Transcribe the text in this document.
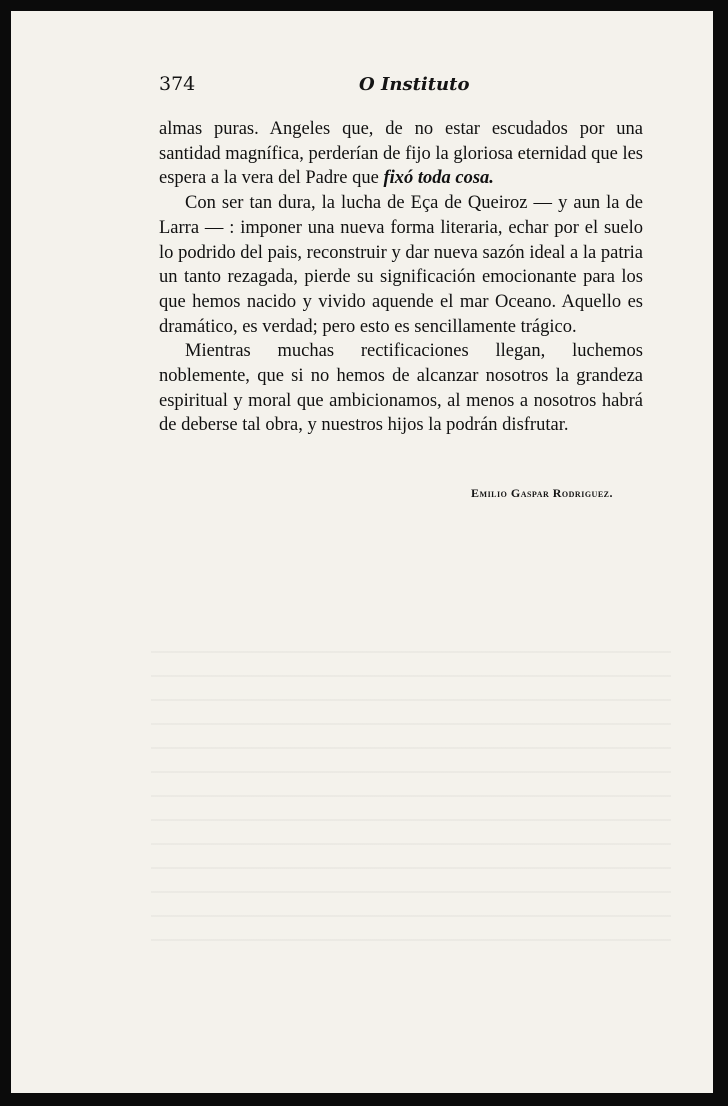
374	O Instituto

almas puras. Angeles que, de no estar escudados por una santidad magnífica, perderían de fijo la gloriosa eternidad que les espera a la vera del Padre que fixó toda cosa.

Con ser tan dura, la lucha de Eça de Queiroz — y aun la de Larra — : imponer una nueva forma literaria, echar por el suelo lo podrido del pais, reconstruir y dar nueva sazón ideal a la patria un tanto rezagada, pierde su significación emocionante para los que hemos nacido y vivido aquende el mar Oceano. Aquello es dramático, es verdad; pero esto es sencillamente trágico.

Mientras muchas rectificaciones llegan, luchemos noblemente, que si no hemos de alcanzar nosotros la grandeza espiritual y moral que ambicionamos, al menos a nosotros habrá de deberse tal obra, y nuestros hijos la podrán disfrutar.

Emilio Gaspar Rodriguez.
